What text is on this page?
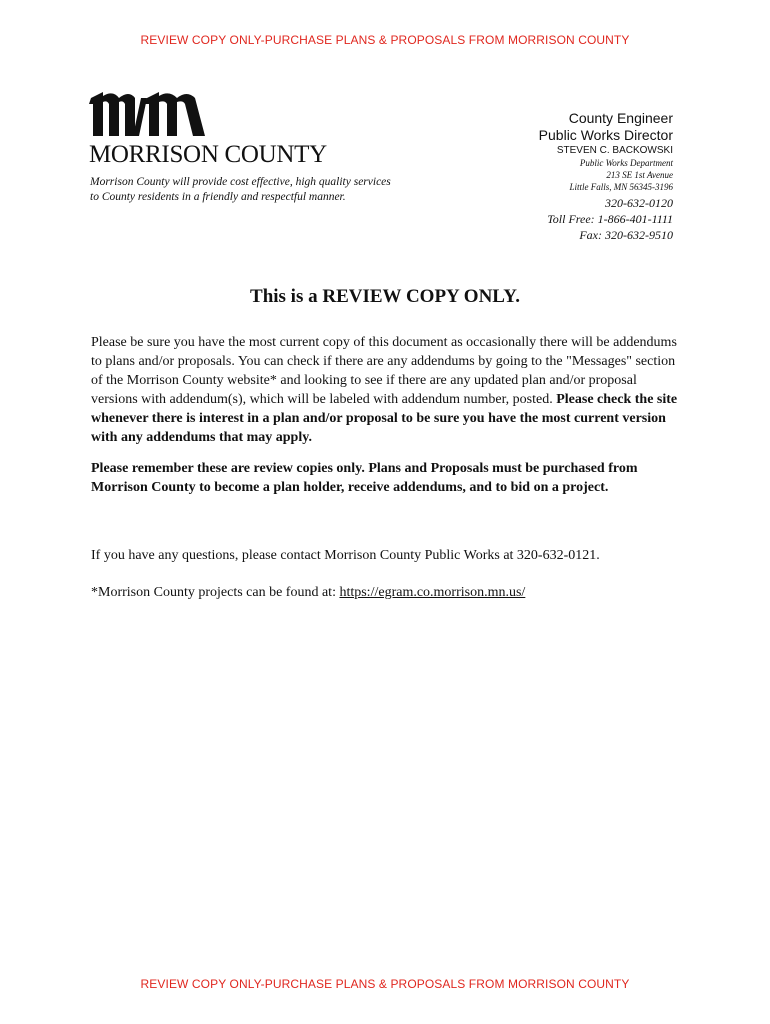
REVIEW COPY ONLY-PURCHASE PLANS & PROPOSALS FROM MORRISON COUNTY
MORRISON COUNTY
Morrison County will provide cost effective, high quality services
to County residents in a friendly and respectful manner.
County Engineer
Public Works Director
STEVEN C. BACKOWSKI
Public Works Department
213 SE 1st Avenue
Little Falls, MN 56345-3196
320-632-0120
Toll Free: 1-866-401-1111
Fax: 320-632-9510
This is a REVIEW COPY ONLY.
Please be sure you have the most current copy of this document as occasionally there will be addendums to plans and/or proposals. You can check if there are any addendums by going to the "Messages" section of the Morrison County website* and looking to see if there are any updated plan and/or proposal versions with addendum(s), which will be labeled with addendum number, posted. Please check the site whenever there is interest in a plan and/or proposal to be sure you have the most current version with any addendums that may apply.
Please remember these are review copies only. Plans and Proposals must be purchased from Morrison County to become a plan holder, receive addendums, and to bid on a project.
If you have any questions, please contact Morrison County Public Works at 320-632-0121.
*Morrison County projects can be found at: https://egram.co.morrison.mn.us/
REVIEW COPY ONLY-PURCHASE PLANS & PROPOSALS FROM MORRISON COUNTY
